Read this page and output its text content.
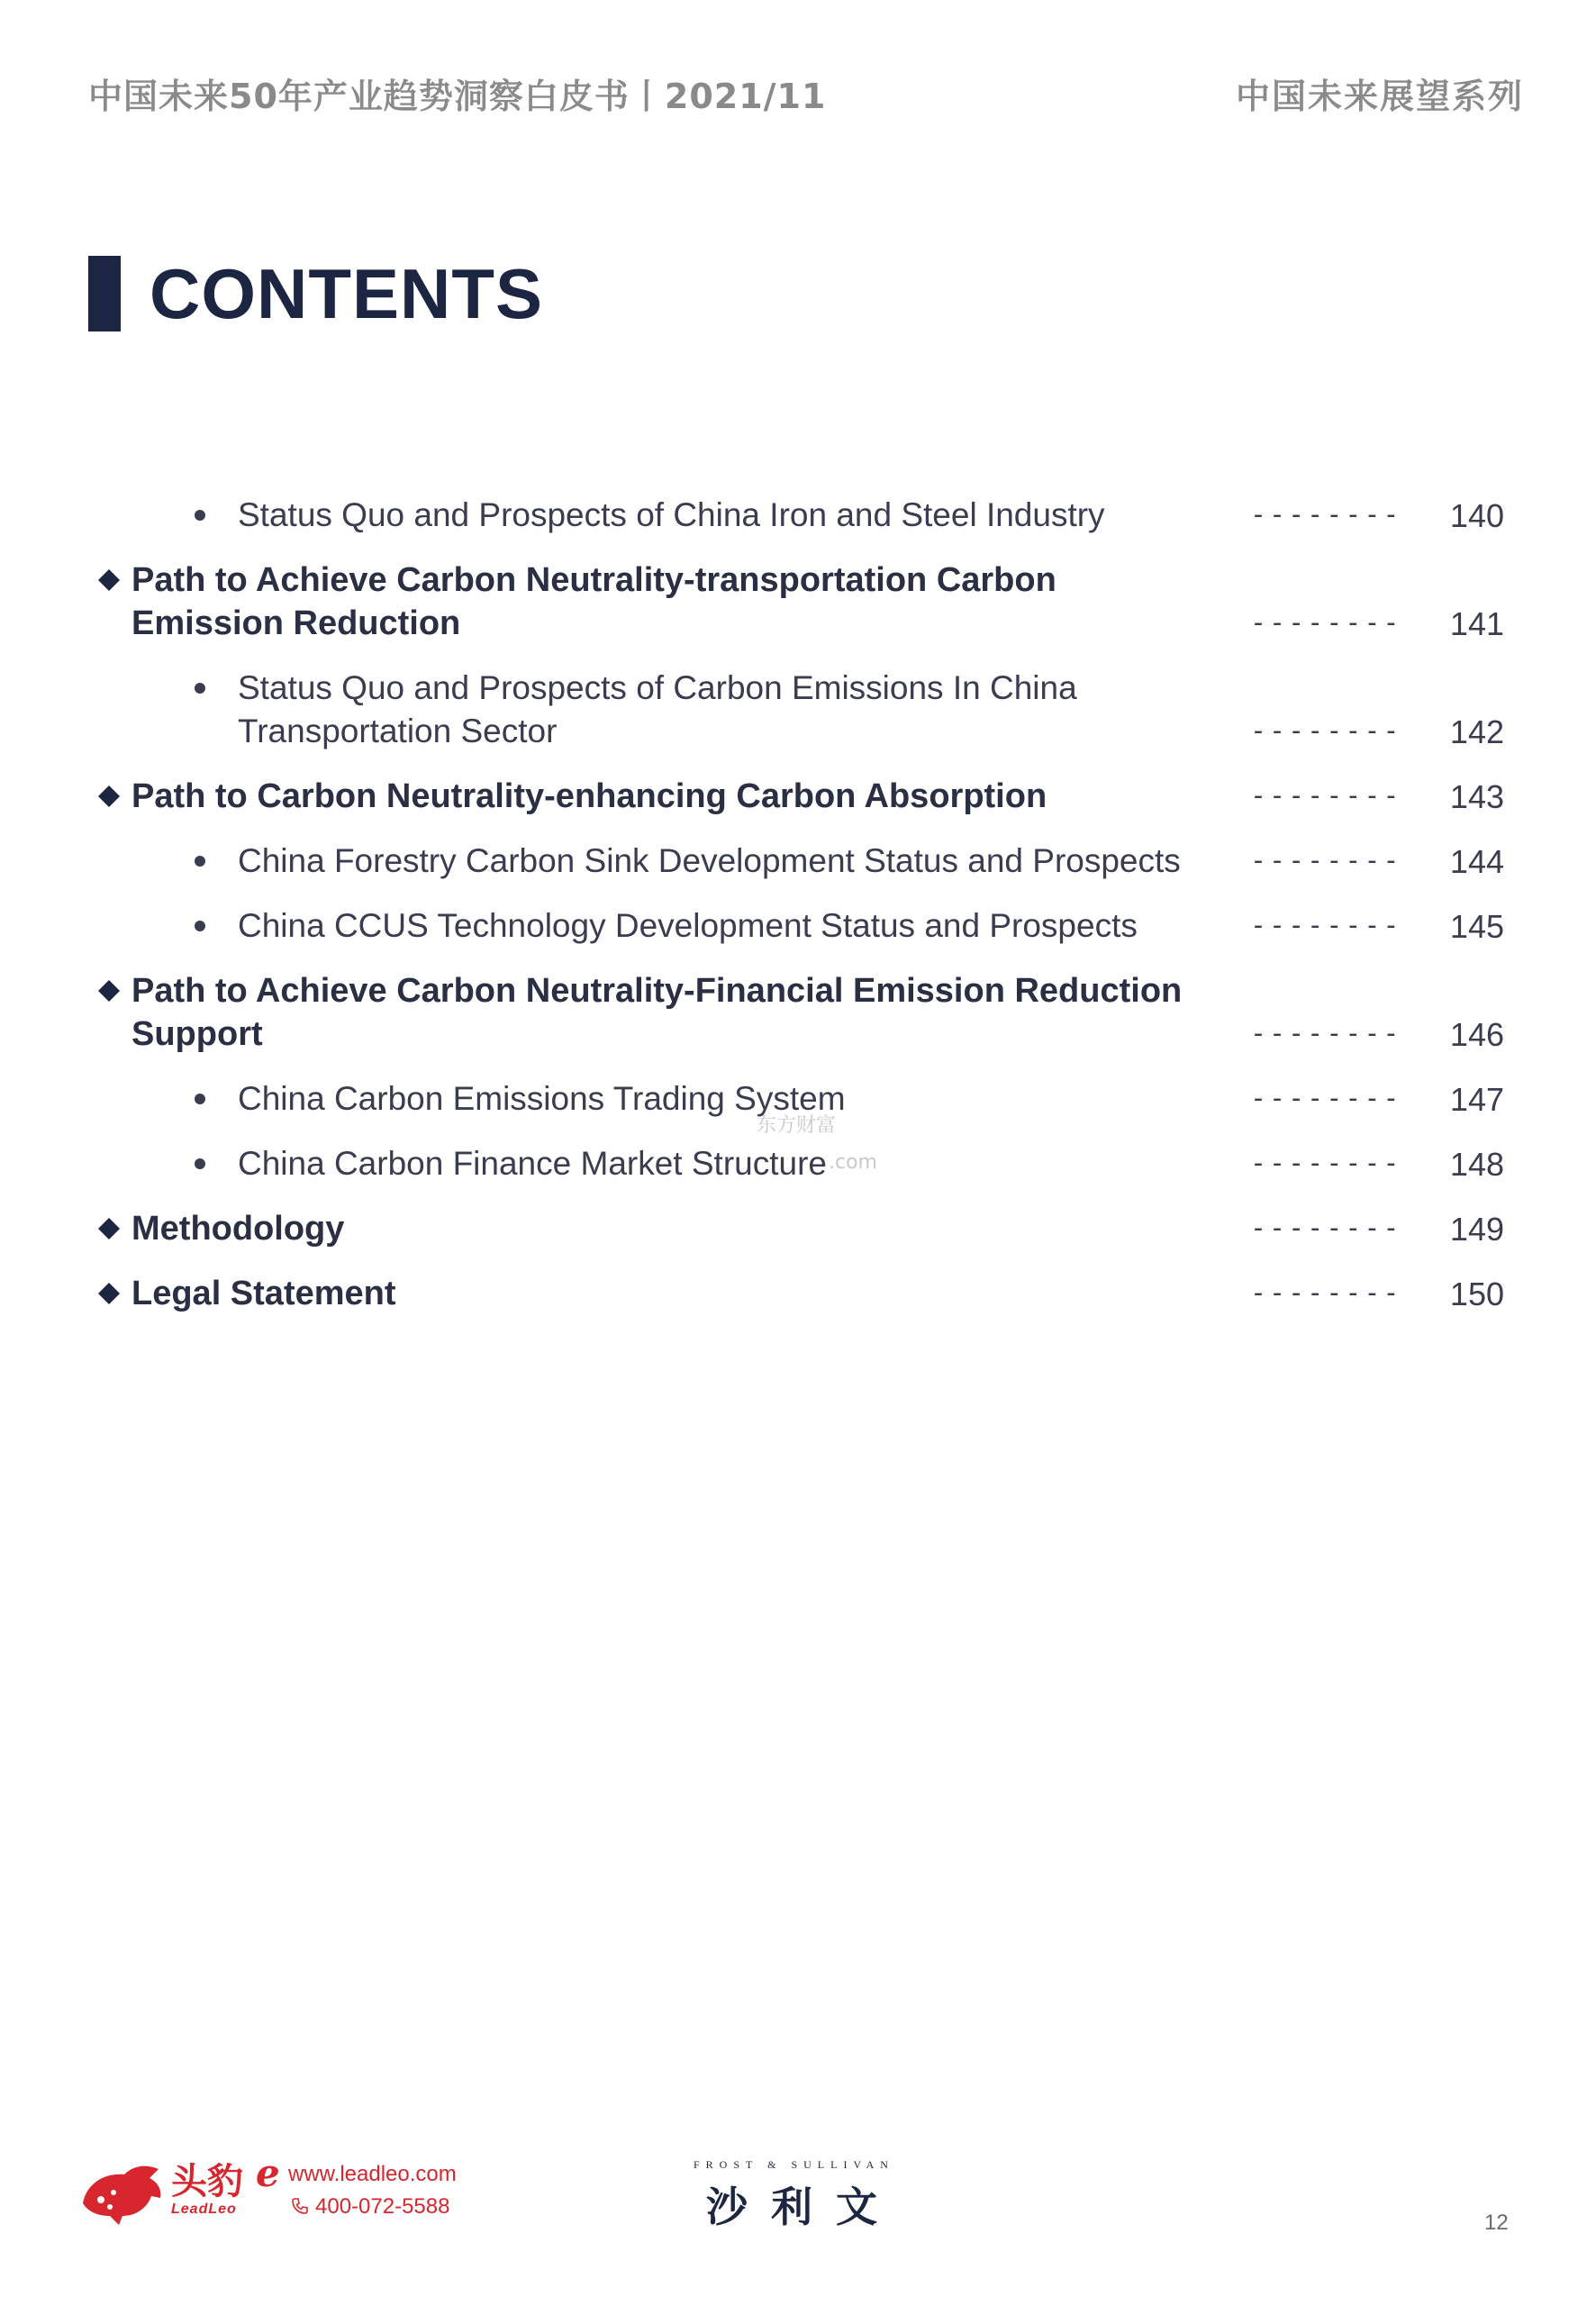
中国未来50年产业趋势洞察白皮书丨2021/11	中国未来展望系列
CONTENTS
Status Quo and Prospects of China Iron and Steel Industry	--------	140
Path to Achieve Carbon Neutrality-transportation Carbon
Emission Reduction	--------	141
Status Quo and Prospects of Carbon Emissions In China
Transportation Sector	--------	142
Path to Carbon Neutrality-enhancing Carbon Absorption	--------	143
China Forestry Carbon Sink Development Status and Prospects	--------	144
China CCUS Technology Development Status and Prospects	--------	145
Path to Achieve Carbon Neutrality-Financial Emission Reduction
Support	--------	146
China Carbon Emissions Trading System	--------	147
China Carbon Finance Market Structure	--------	148
Methodology	--------	149
Legal Statement	--------	150
东方财富
.com
头豹 e
LeadLeo
www.leadleo.com
400-072-5588
FROST & SULLIVAN
沙利文	12
